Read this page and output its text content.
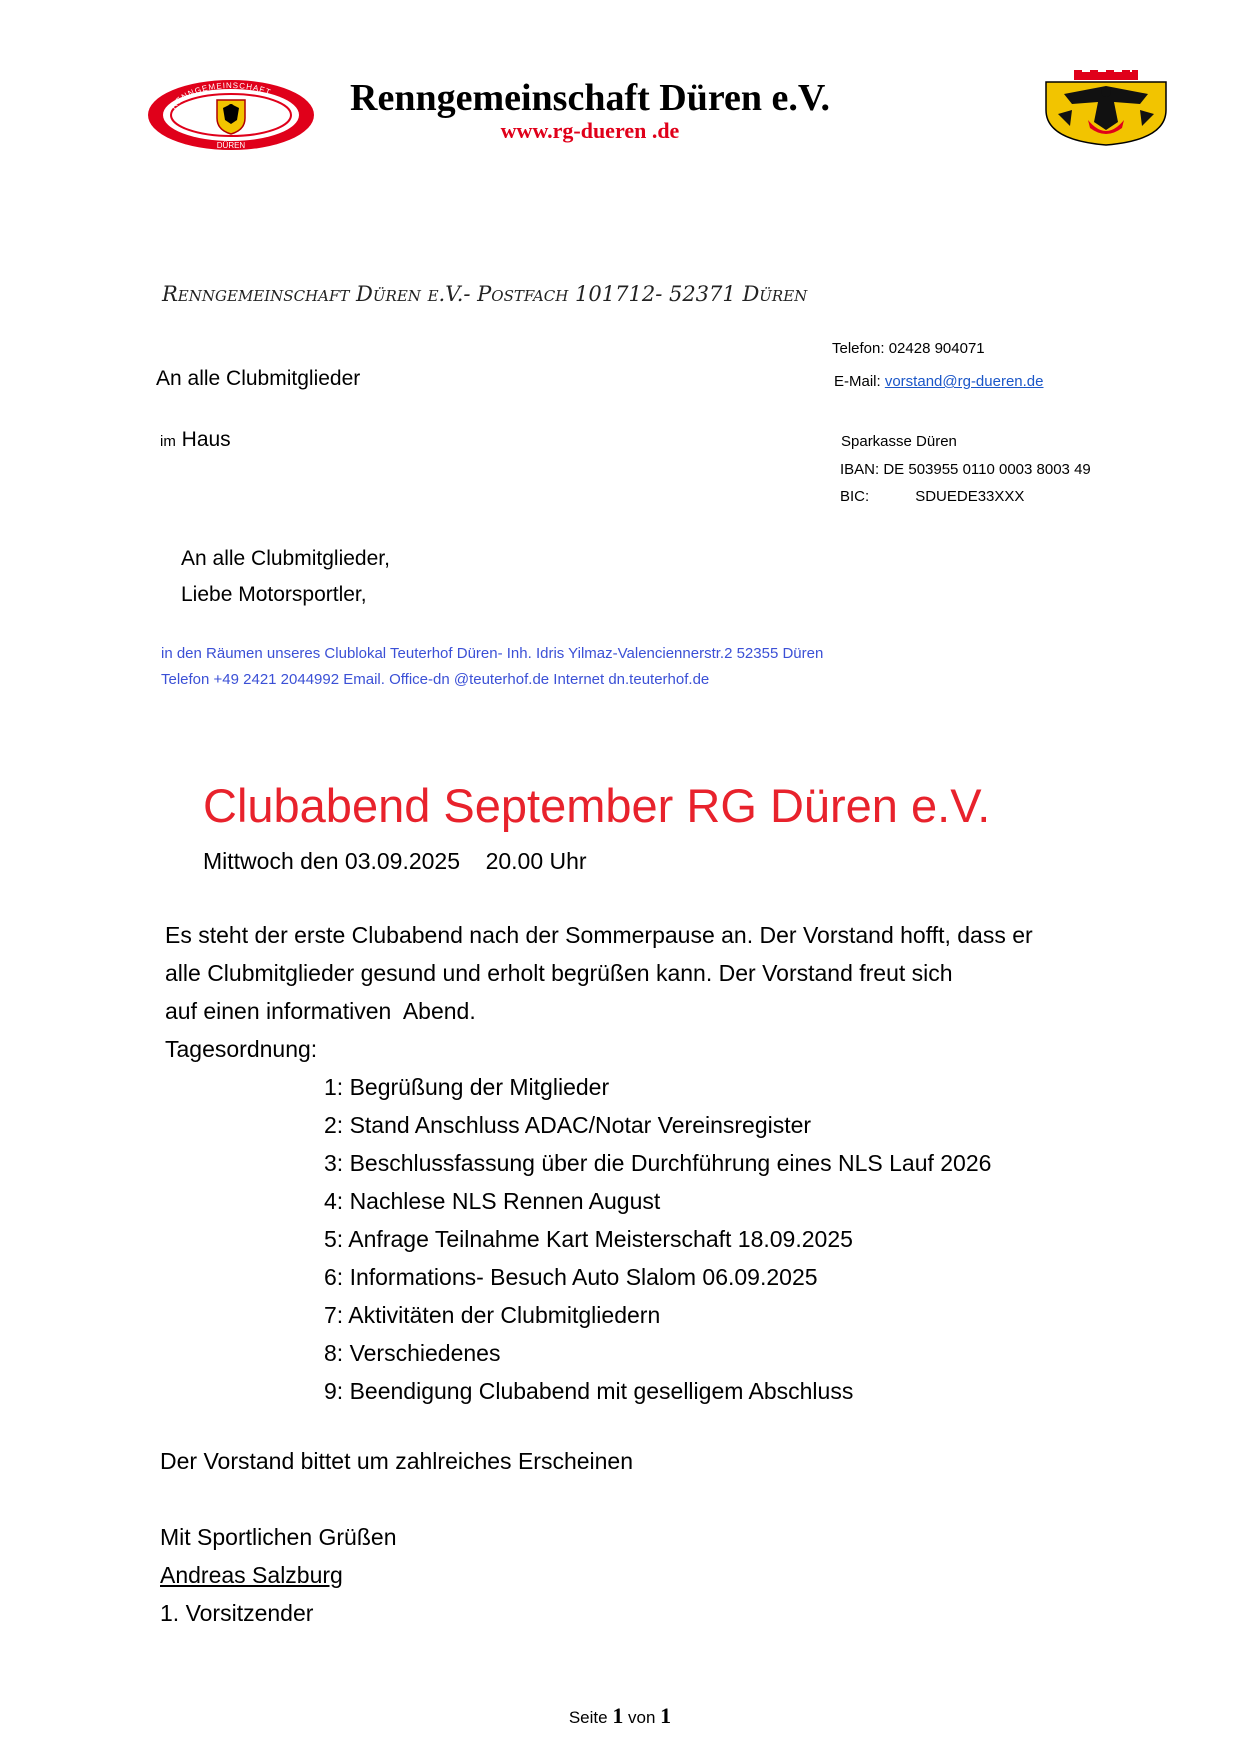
RENNGEMEINSCHAFT
DÜREN
Renngemeinschaft Düren e.V.
www.rg-dueren .de
Renngemeinschaft Düren e.V.- Postfach 101712- 52371 Düren
Telefon: 02428 904071
E-Mail: vorstand@rg-dueren.de
Sparkasse Düren
IBAN: DE 503955 0110 0003 8003 49
BIC:	SDUEDE33XXX
An alle Clubmitglieder
im Haus
An alle Clubmitglieder,
Liebe Motorsportler,
in den Räumen unseres Clublokal Teuterhof Düren- Inh. Idris Yilmaz-Valenciennerstr.2 52355 Düren
Telefon +49 2421 2044992 Email. Office-dn @teuterhof.de Internet dn.teuterhof.de
Clubabend September RG Düren e.V.
Mittwoch den 03.09.2025    20.00 Uhr
Es steht der erste Clubabend nach der Sommerpause an. Der Vorstand hofft, dass er
alle Clubmitglieder gesund und erholt begrüßen kann. Der Vorstand freut sich
auf einen informativen  Abend.
Tagesordnung:
1: Begrüßung der Mitglieder
2: Stand Anschluss ADAC/Notar Vereinsregister
3: Beschlussfassung über die Durchführung eines NLS Lauf 2026
4: Nachlese NLS Rennen August
5: Anfrage Teilnahme Kart Meisterschaft 18.09.2025
6: Informations- Besuch Auto Slalom 06.09.2025
7: Aktivitäten der Clubmitgliedern
8: Verschiedenes
9: Beendigung Clubabend mit geselligem Abschluss
Der Vorstand bittet um zahlreiches Erscheinen
Mit Sportlichen Grüßen
Andreas Salzburg
1. Vorsitzender
Seite 1 von 1
